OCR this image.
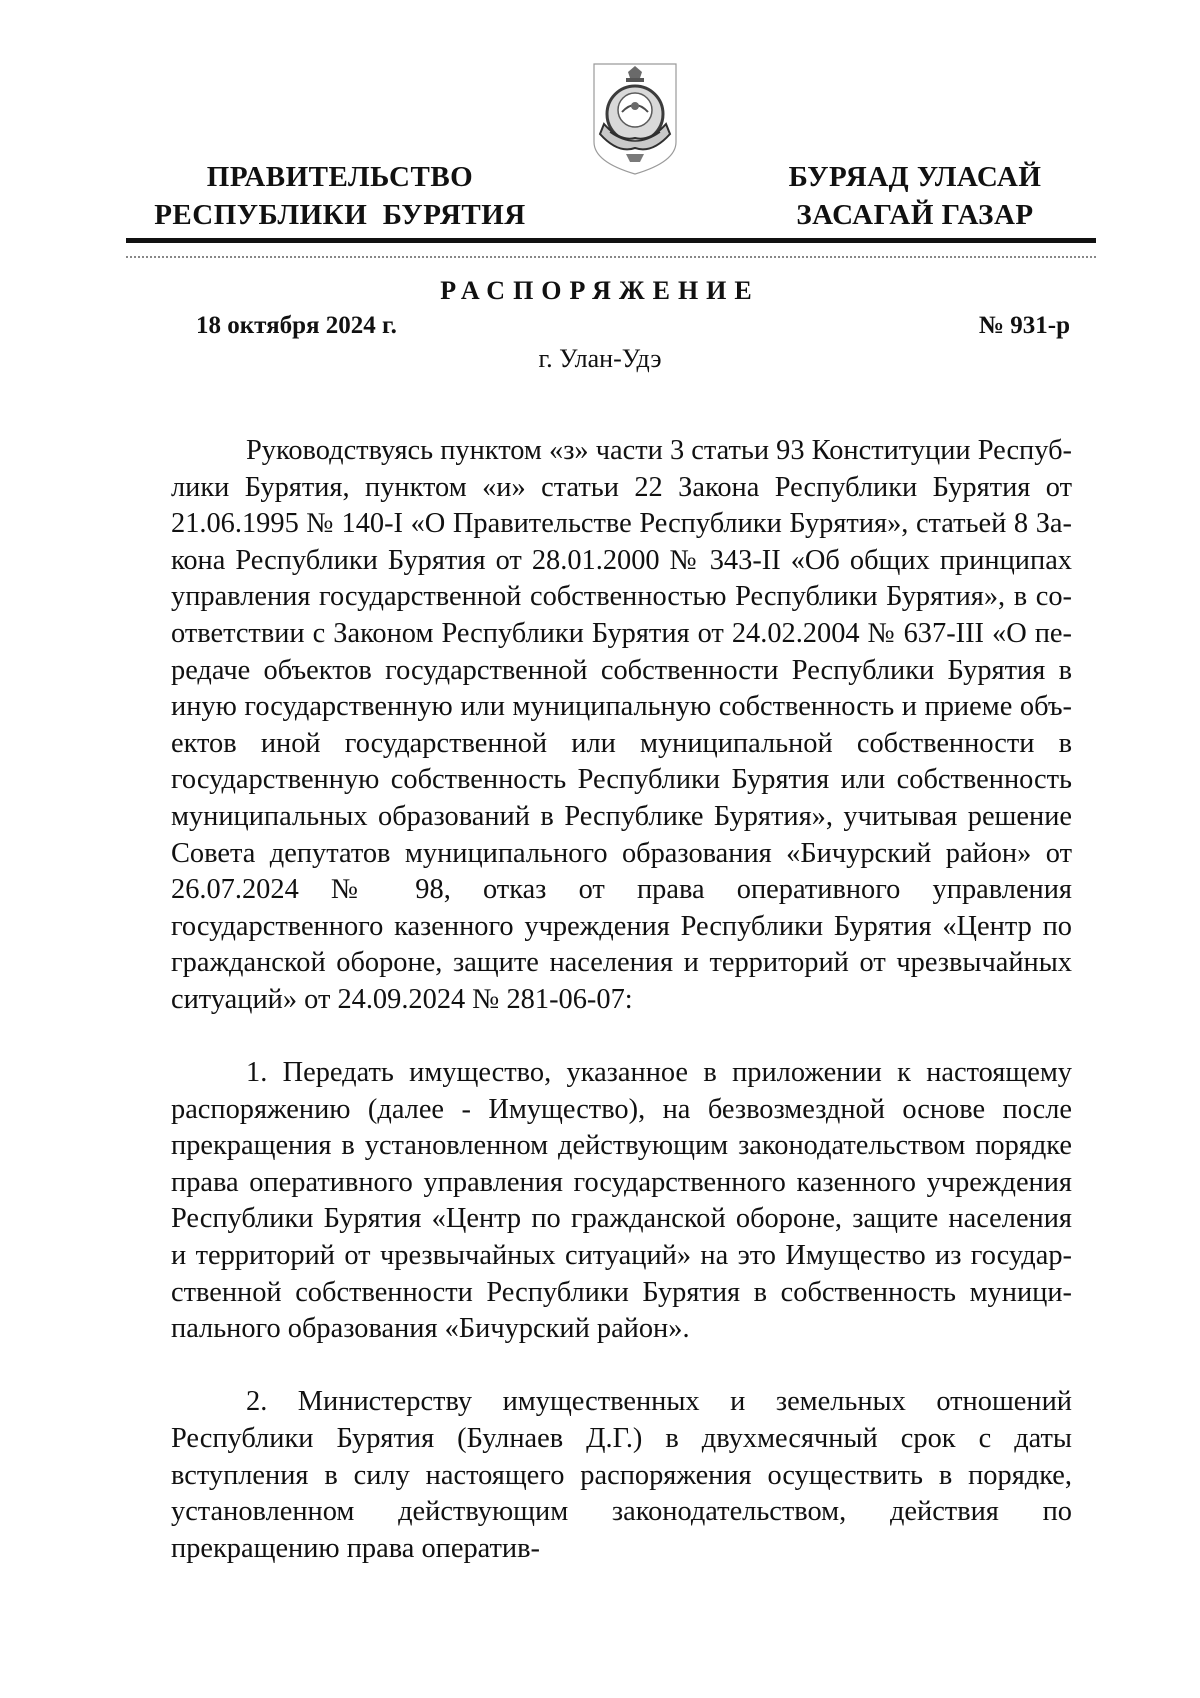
ПРАВИТЕЛЬСТВО
РЕСПУБЛИКИ  БУРЯТИЯ
БУРЯАД УЛАСАЙ
ЗАСАГАЙ ГАЗАР
РАСПОРЯЖЕНИЕ
18 октября 2024 г.	№ 931-р
г. Улан-Удэ

Руководствуясь пунктом «з» части 3 статьи 93 Конституции Республики Бурятия, пунктом «и» статьи 22 Закона Республики Бурятия от 21.06.1995 № 140-I «О Правительстве Республики Бурятия», статьей 8 Закона Республики Бурятия от 28.01.2000 № 343-II «Об общих принципах управления государственной собственностью Республики Бурятия», в соответствии с Законом Республики Бурятия от 24.02.2004 № 637-III «О передаче объектов государственной собственности Республики Бурятия в иную государственную или муниципальную собственность и приеме объектов иной государственной или муниципальной собственности в государственную собственность Республики Бурятия или собственность муниципальных образований в Республике Бурятия», учитывая решение Совета депутатов муниципального образования «Бичурский район» от 26.07.2024 № 98, отказ от права оперативного управления государственного казенного учреждения Республики Бурятия «Центр по гражданской обороне, защите населения и территорий от чрезвычайных ситуаций» от 24.09.2024 № 281-06-07:

1. Передать имущество, указанное в приложении к настоящему распоряжению (далее - Имущество), на безвозмездной основе после прекращения в установленном действующим законодательством порядке права оперативного управления государственного казенного учреждения Республики Бурятия «Центр по гражданской обороне, защите населения и территорий от чрезвычайных ситуаций» на это Имущество из государственной собственности Республики Бурятия в собственность муниципального образования «Бичурский район».

2. Министерству имущественных и земельных отношений Республики Бурятия (Булнаев Д.Г.) в двухмесячный срок с даты вступления в силу настоящего распоряжения осуществить в порядке, установленном действующим законодательством, действия по прекращению права оператив-
